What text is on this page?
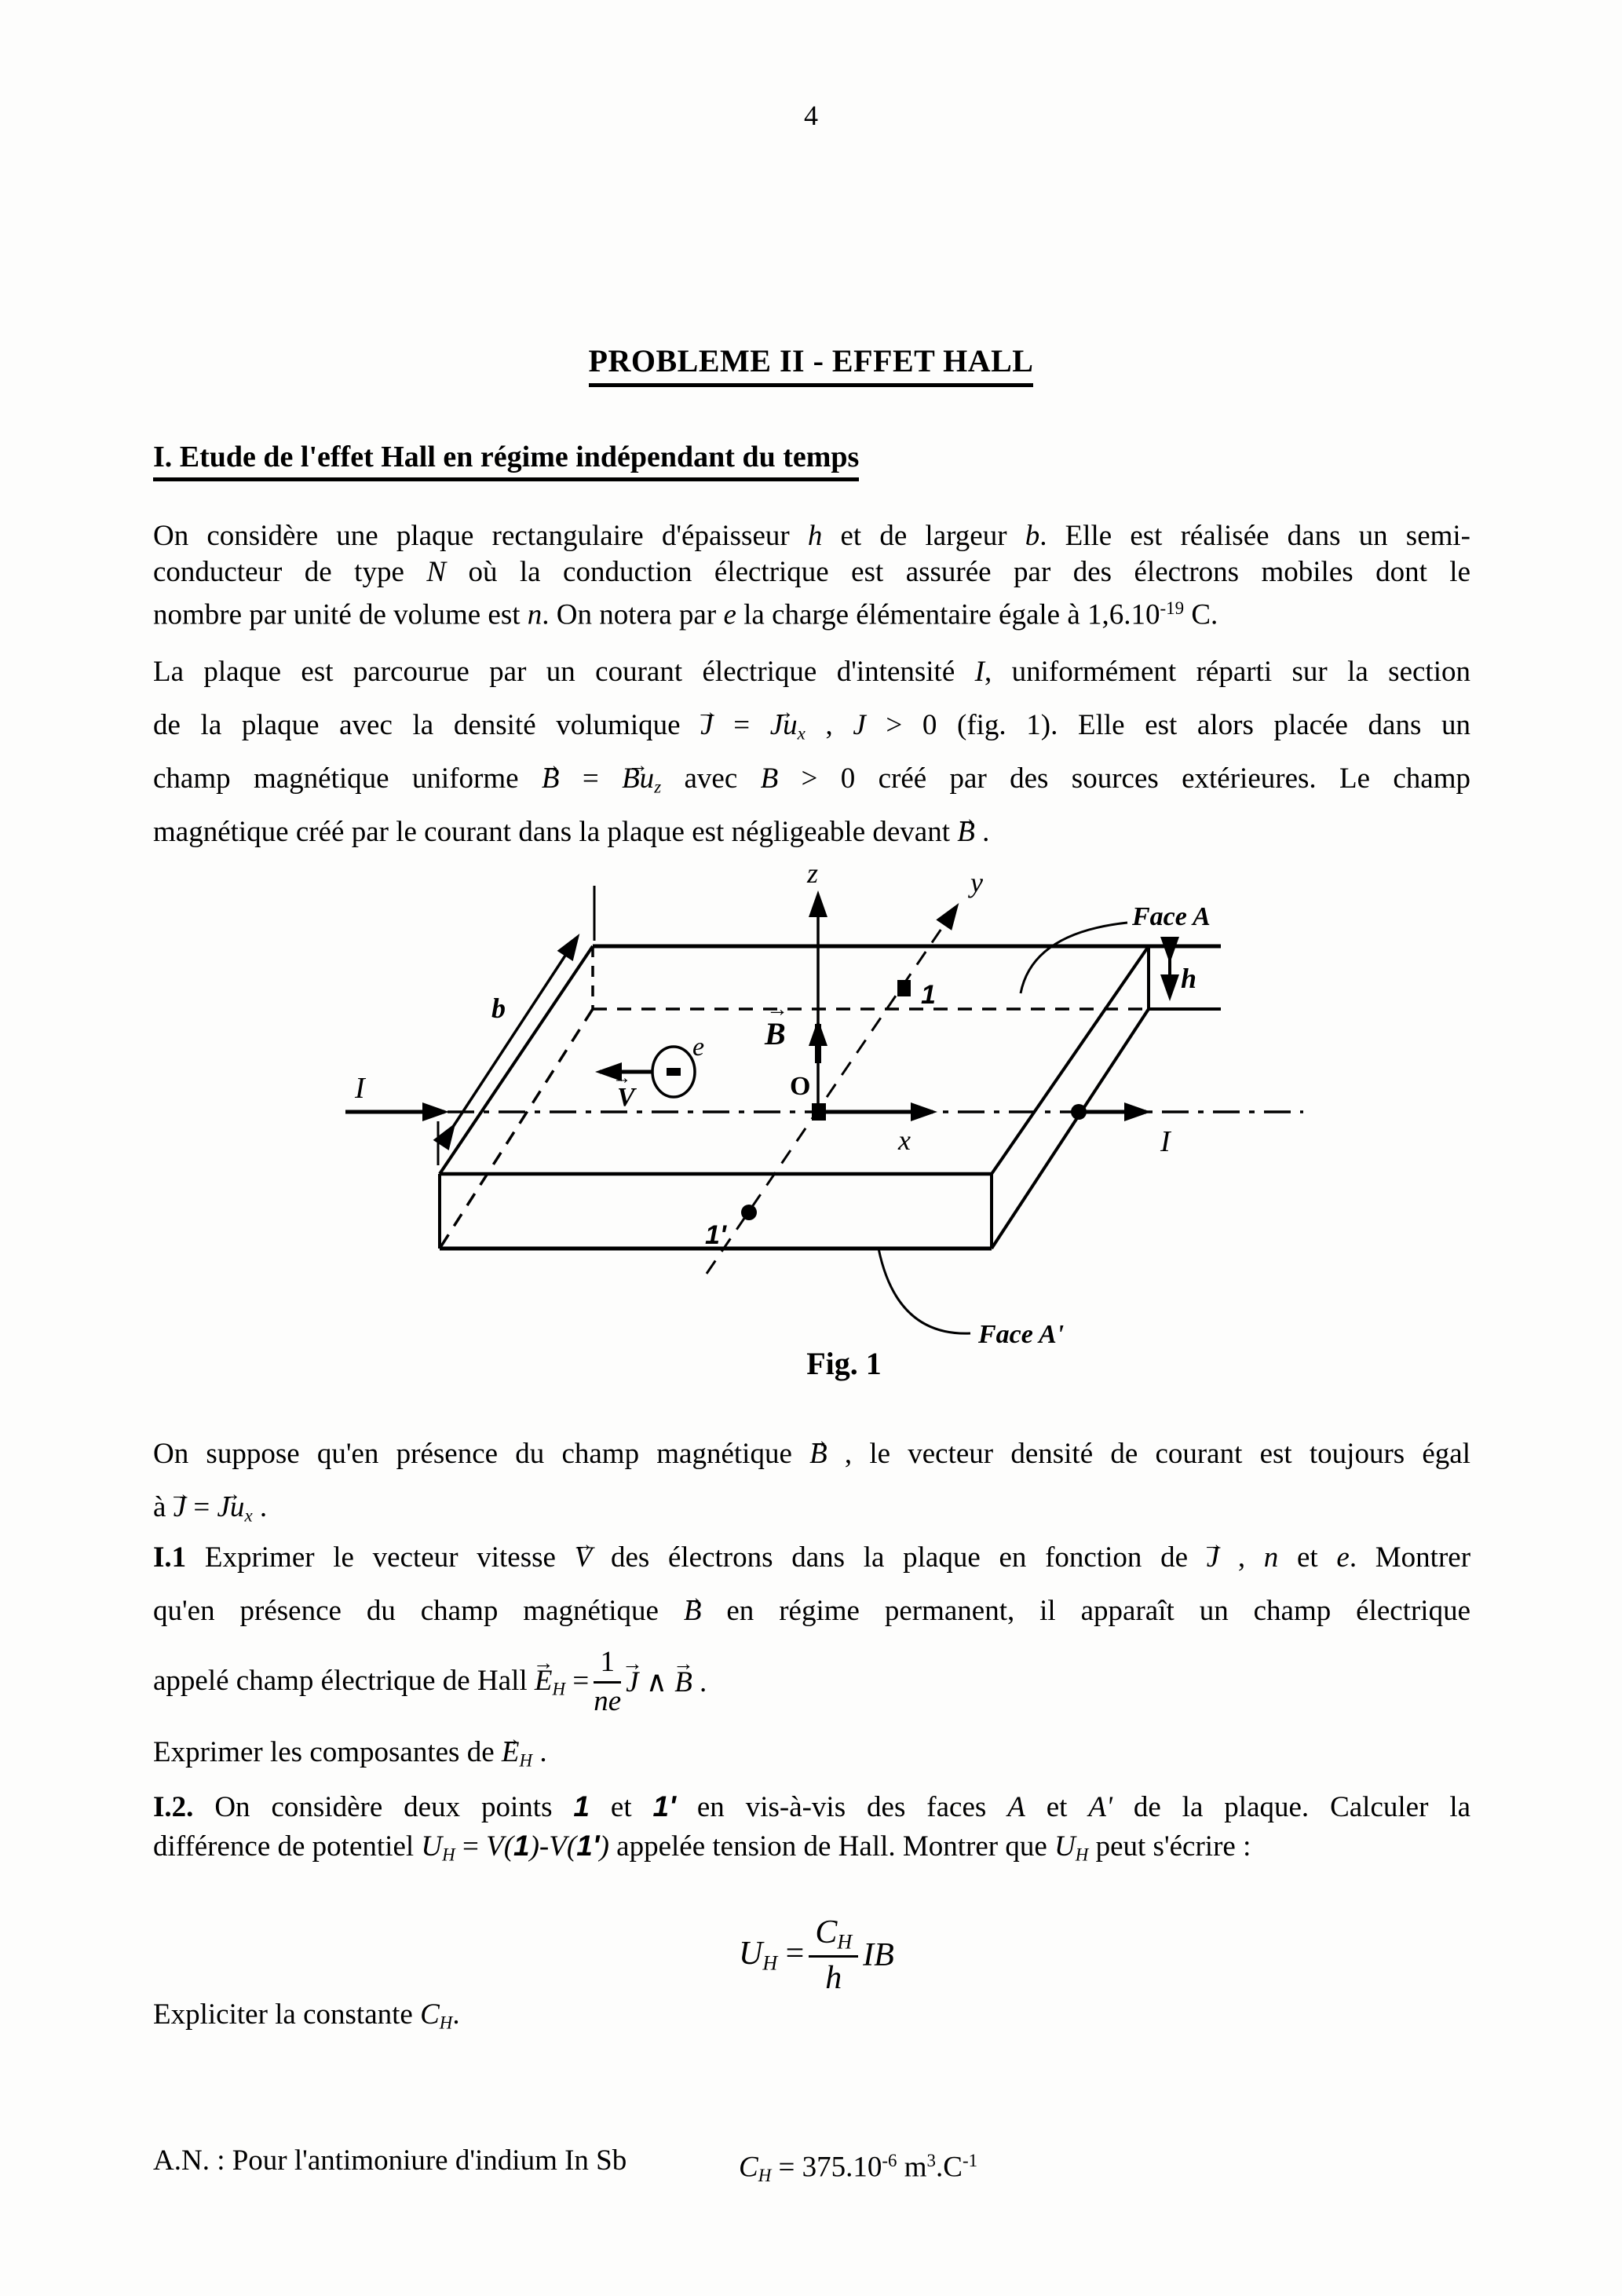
4
PROBLEME II - EFFET HALL
I. Etude de l'effet Hall en régime indépendant du temps
On considère une plaque rectangulaire d'épaisseur h et de largeur b. Elle est réalisée dans un semi-
conducteur de type N où la conduction électrique est assurée par des électrons mobiles dont le
nombre par unité de volume est n. On notera par e la charge élémentaire égale à $1,6.10^{-19}$ C.
La plaque est parcourue par un courant électrique d'intensité I, uniformément réparti sur la section
de la plaque avec la densité volumique J → = Ju →x , J > 0 (fig. 1). Elle est alors placée dans un
champ magnétique uniforme B → = Bu →z avec B > 0 créé par des sources extérieures. Le champ
magnétique créé par le courant dans la plaque est négligeable devant B → .
z	y
x
O
I
I
b
h
e
V
→
B
→	1
1'
Face A
Face A'
Fig. 1
On suppose qu'en présence du champ magnétique B → , le vecteur densité de courant est toujours égal
à J → = Ju →x .
I.1 Exprimer le vecteur vitesse V → des électrons dans la plaque en fonction de J → , n et e. Montrer
qu'en présence du champ magnétique B → en régime permanent, il apparaît un champ électrique
appelé champ électrique de Hall $E \to H = \frac{1}{ne}$ J → ∧ B → .
Exprimer les composantes de E →H .
I.2. On considère deux points 1 et 1' en vis-à-vis des faces A et A' de la plaque. Calculer la
différence de potentiel UH = V(1)-V(1') appelée tension de Hall. Montrer que UH peut s'écrire :
UH = $\frac{CH}{h}$ IB
Expliciter la constante CH.
A.N. : Pour l'antimoniure d'indium In Sb	CH = $375.10^{-6}$ $m^3.C^{-1}$
